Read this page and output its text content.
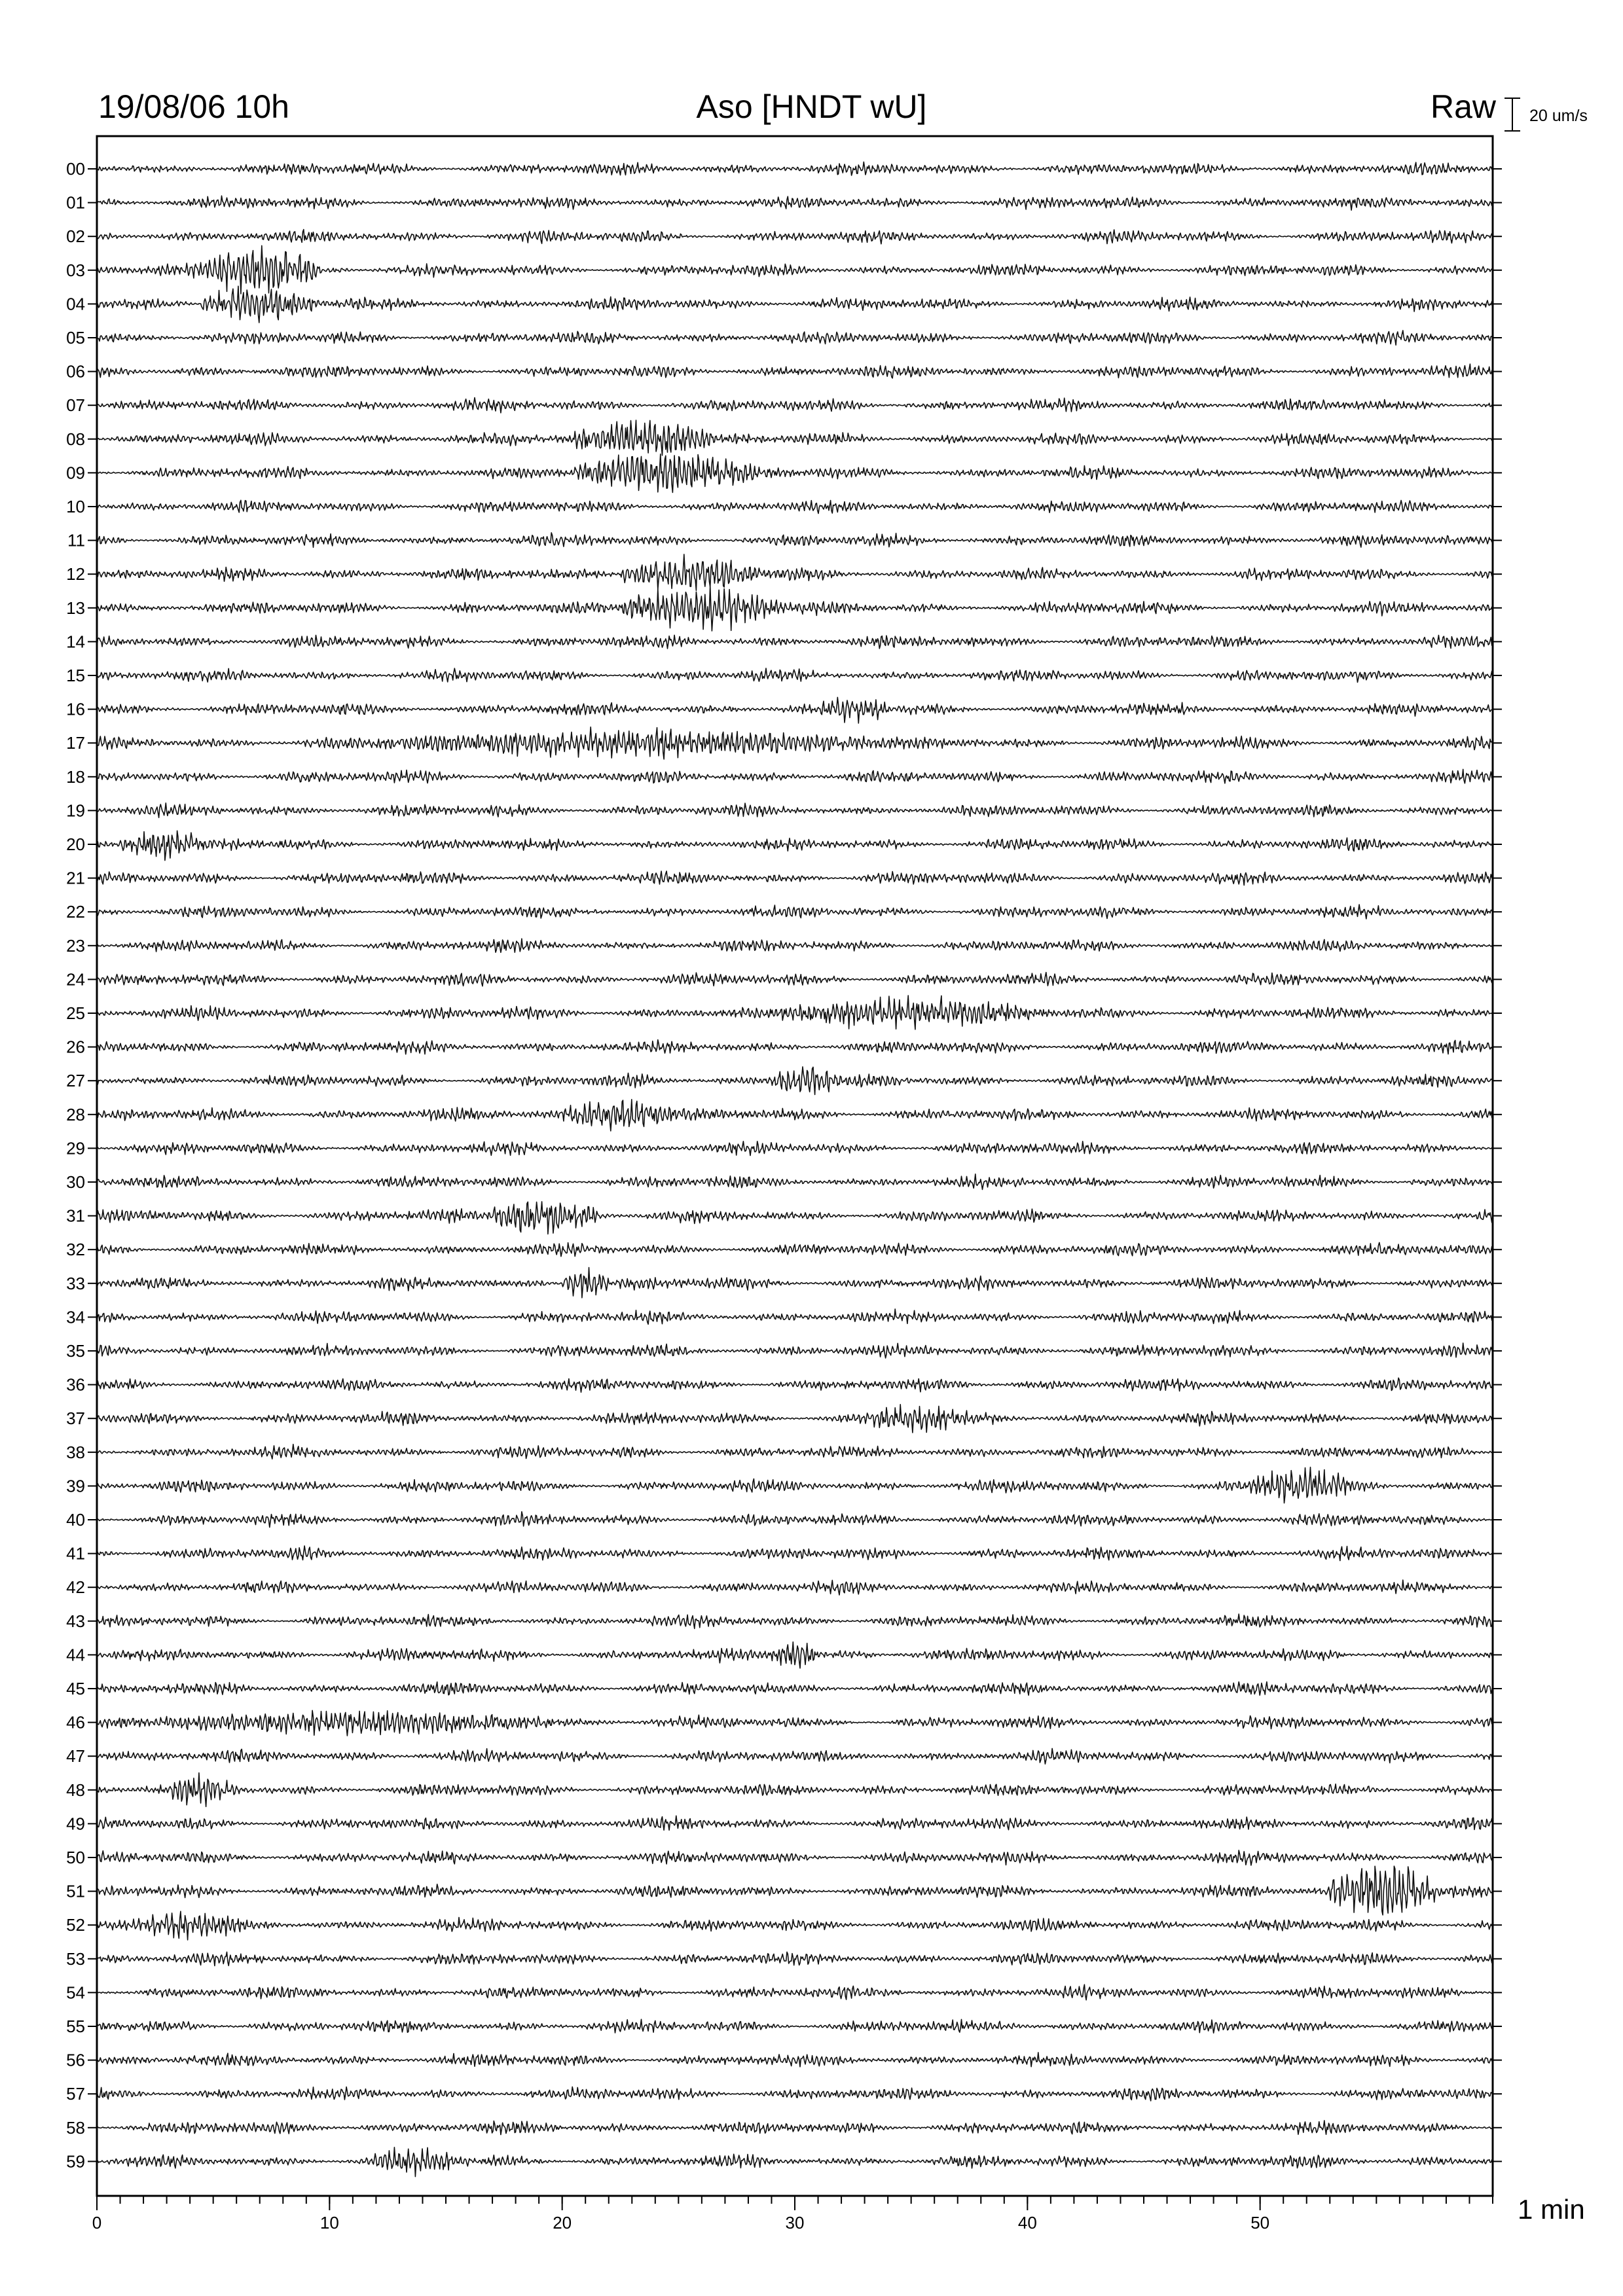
19/08/06 10h	Aso [HNDT wU]	Raw 20 um/s
1 min
00
01
02
03
04
05
06
07
08
09
10
11
12
13
14
15
16
17
18
19
20
21
22
23
24
25
26
27
28
29
30
31
32
33
34
35
36
37
38
39
40
41
42
43
44
45
46
47
48
49
50
51
52
53
54
55
56
57
58
59
0	10	20	30	40	50
